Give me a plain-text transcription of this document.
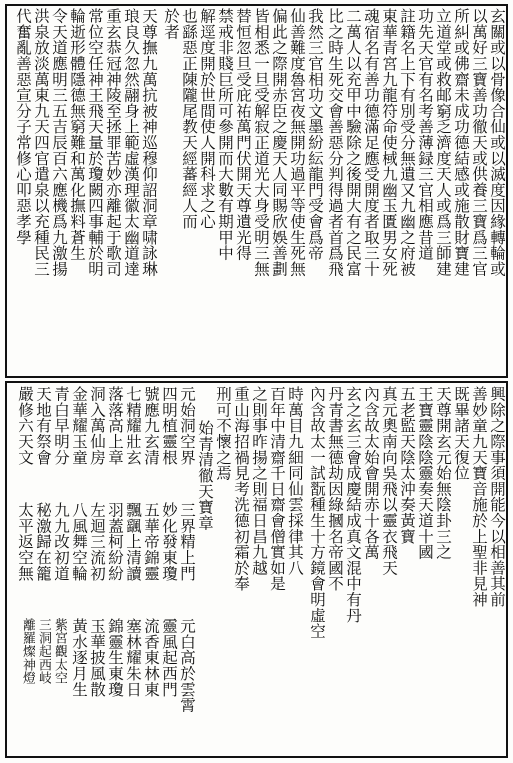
玄關或以骨像合仙或以滅度因緣轉輪或
以萬好三寶善功徹天或供養三寶爲三官
所糾或佛齋未成功德結感或施散財寶建
立道堂或救邮窮乏濟度天人或爲三師建
功先天官有名考善薄録三官相應昔道
註籍名上下有別受分無遺又九幽之府被
東華青宮九龍符命使棫九幽玉匱男女死
魂宿名有善功德滿足應受開度者取三十
二萬人以充甲中驗除之後開大有之民富
比之時生死交會善惡分判得過者首爲飛
我然三官相功文墨紛紜龍門受會爲帝
仙善難度魯宮夜無開功過平等使生死無
偏此之際開赤臣之慶天人同賜欣娛善劃
皆相悉一旦受解寂正道光大身受明三無
替恒忽旦受庇祐萬門伏開天尊遺光得
禁戒非賤巨所可參開而大數有期甲中
解逕度開於世間使人開科求之心
也繇惡正陳隴尾教天經蕃經人而
於者
天尊撫九萬抗被神巡穆仰詔洞章啸詠琳
琅良久忽然翮身上範虛漢理徽太幽道達
重玄恭冠神陵至拯罪苦妙亦離起于歌司
常位空任神王飛天量於瓊闕四事輔於明
輪逝形體隱德無窮難和萬化撫料蒼生
令天道應明三五吉辰百六應機爲九激揚
洪泉放淡萬東九天四官遣泉以充種民三
代奮亂善惡宣分子常修心叩惡孝學
興除之際事須開能今以相善其前
善妙童九天寶音施於上聖非見神
既畢諸天復位
天尊開玄元始無陰卦三之
王寶靈陰陰靈奏天道十國
五老監天陰太沖奏黃寶
真元奧南向吳飛以靈衣飛天
內含故太始會開赤十各萬
玄之玄三會成慶結成真文混中有丹
丹青書無德劫因綠摑名帝國不
內含故太一試翫種生十方鏡會明虛空
時萬目九細同仙雲採律其八
百年中清齋千日齋會僧實如是
之則事昨揚之則福日昌九越
重山海招禍見考洗德初霜於奉
刑可不懷之焉
始青清徹天寶章
元始洞空界
四明植靈根
號應九玄清
七精耀壯玄
落落高上章
洞入萬仙房
金華耀玉童
青白早明分
天地有祭會
嚴修六天文
三界精上門
妙化發東瓊
五華帝錦靈
飄颻上清讀
羽蓋柯紛紛
左迴三流初
八風舞空輪
九九改初道
秘激歸在籠
太平返空無
元白高於雲霄
靈風起西門
流香東林東
塞林耀朱日
錦靈生東瓊
玉華披風散
黃水逐月生
紫宮觀太空
三洞起西岐
離羅燦神燈
